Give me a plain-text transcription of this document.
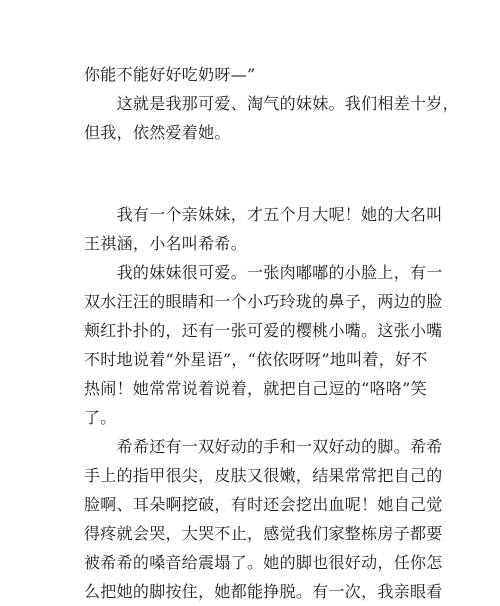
你能不能好好吃奶呀—”

　　这就是我那可爱、淘气的妹妹。我们相差十岁，

但我，依然爱着她。

　　我有一个亲妹妹，才五个月大呢！她的大名叫

王祺涵，小名叫希希。

　　我的妹妹很可爱。一张肉嘟嘟的小脸上，有一

双水汪汪的眼睛和一个小巧玲珑的鼻子，两边的脸

颊红扑扑的，还有一张可爱的樱桃小嘴。这张小嘴

不时地说着“外星语”，“依依呀呀”地叫着，好不

热闹！她常常说着说着，就把自己逗的“咯咯”笑

了。

　　希希还有一双好动的手和一双好动的脚。希希

手上的指甲很尖，皮肤又很嫩，结果常常把自己的

脸啊、耳朵啊挖破，有时还会挖出血呢！她自己觉

得疼就会哭，大哭不止，感觉我们家整栋房子都要

被希希的嗓音给震塌了。她的脚也很好动，任你怎

么把她的脚按住，她都能挣脱。有一次，我亲眼看
